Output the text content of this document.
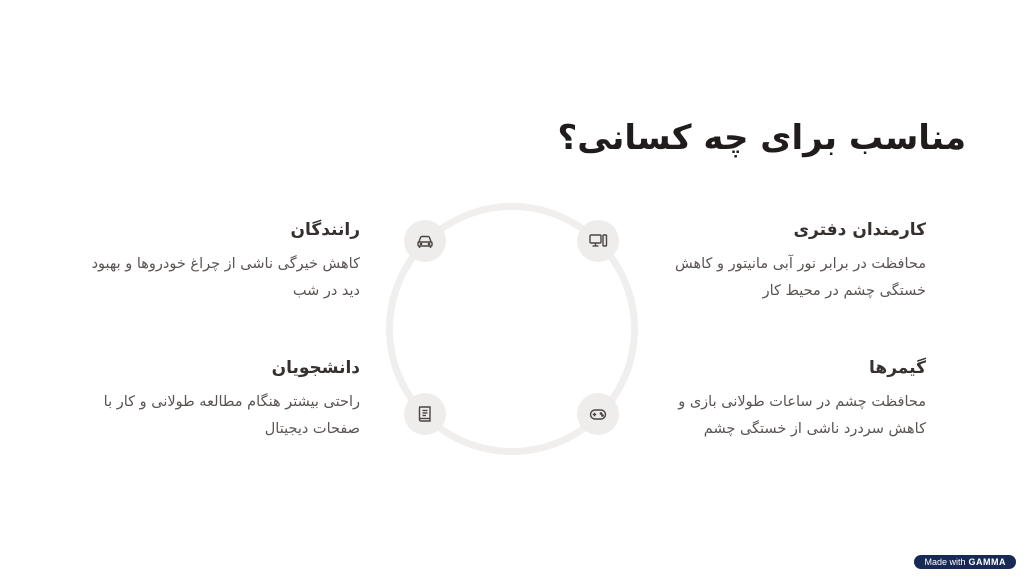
مناسب برای چه کسانی؟

کارمندان دفتری

محافظت در برابر نور آبی مانیتور و کاهش
خستگی چشم در محیط کار

رانندگان

کاهش خیرگی ناشی از چراغ خودروها و بهبود
دید در شب

گیمرها

محافظت چشم در ساعات طولانی بازی و
کاهش سردرد ناشی از خستگی چشم

دانشجویان

راحتی بیشتر هنگام مطالعه طولانی و کار با
صفحات دیجیتال

Made with GAMMA
